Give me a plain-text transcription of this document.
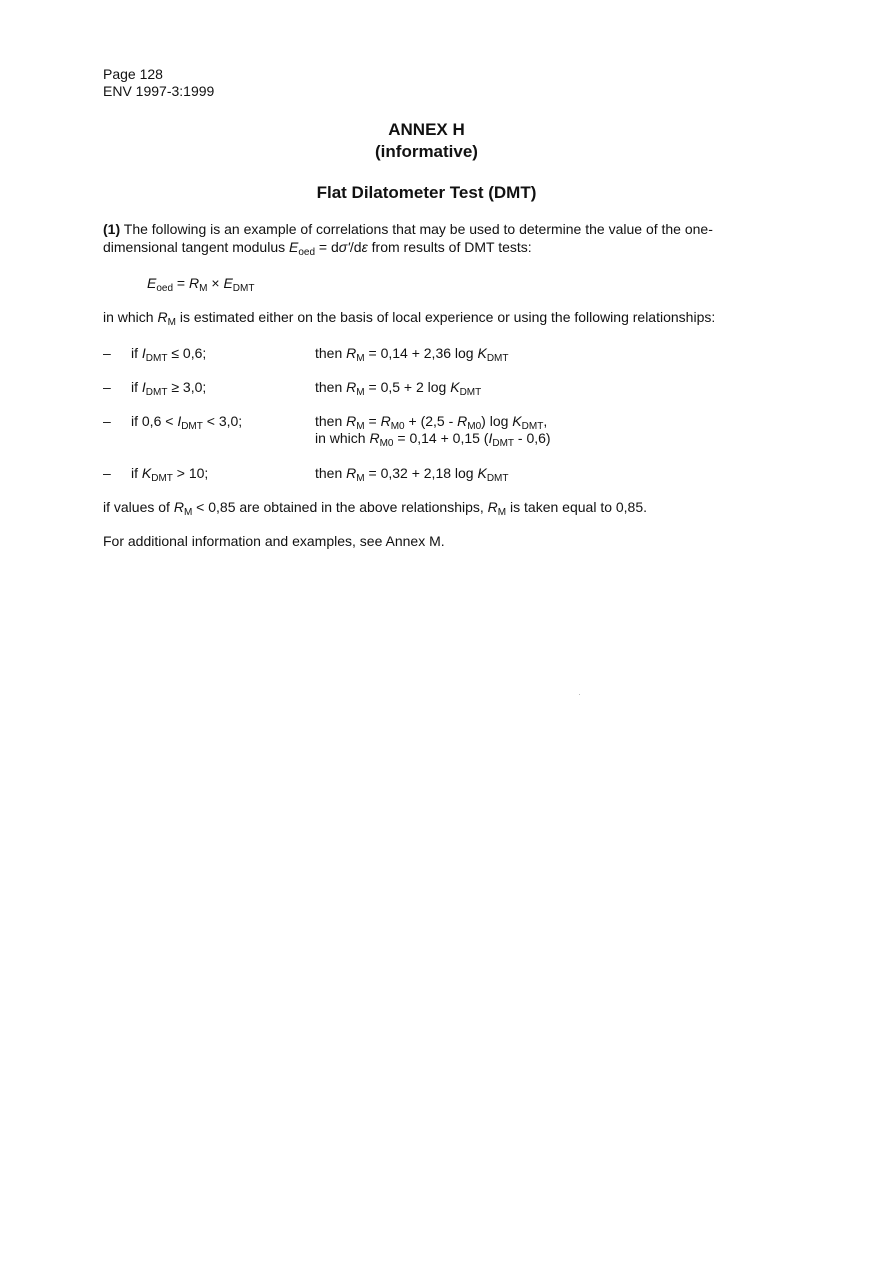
Page 128
ENV 1997-3:1999
ANNEX H
(informative)
Flat Dilatometer Test (DMT)
(1) The following is an example of correlations that may be used to determine the value of the one-dimensional tangent modulus $E_{oed} = d\sigma'/d\varepsilon$ from results of DMT tests:
$E_{oed} = R_M \times E_{DMT}$
in which $R_M$ is estimated either on the basis of local experience or using the following relationships:
– if $I_{DMT} \le 0,6$;	then $R_M = 0,14 + 2,36$ $\log K_{DMT}$
– if $I_{DMT} \ge 3,0$;	then $R_M = 0,5 + 2$ $\log K_{DMT}$
– if $0,6 < I_{DMT} < 3,0$;	then $R_M = R_{M0} + (2,5 - R_{M0})$ $\log K_{DMT}$,
in which $R_{M0} = 0,14 + 0,15$ $(I_{DMT} - 0,6)$
– if $K_{DMT} > 10$;	then $R_M = 0,32 + 2,18$ $\log K_{DMT}$
if values of $R_M < 0,85$ are obtained in the above relationships, $R_M$ is taken equal to 0,85.
For additional information and examples, see Annex M.
